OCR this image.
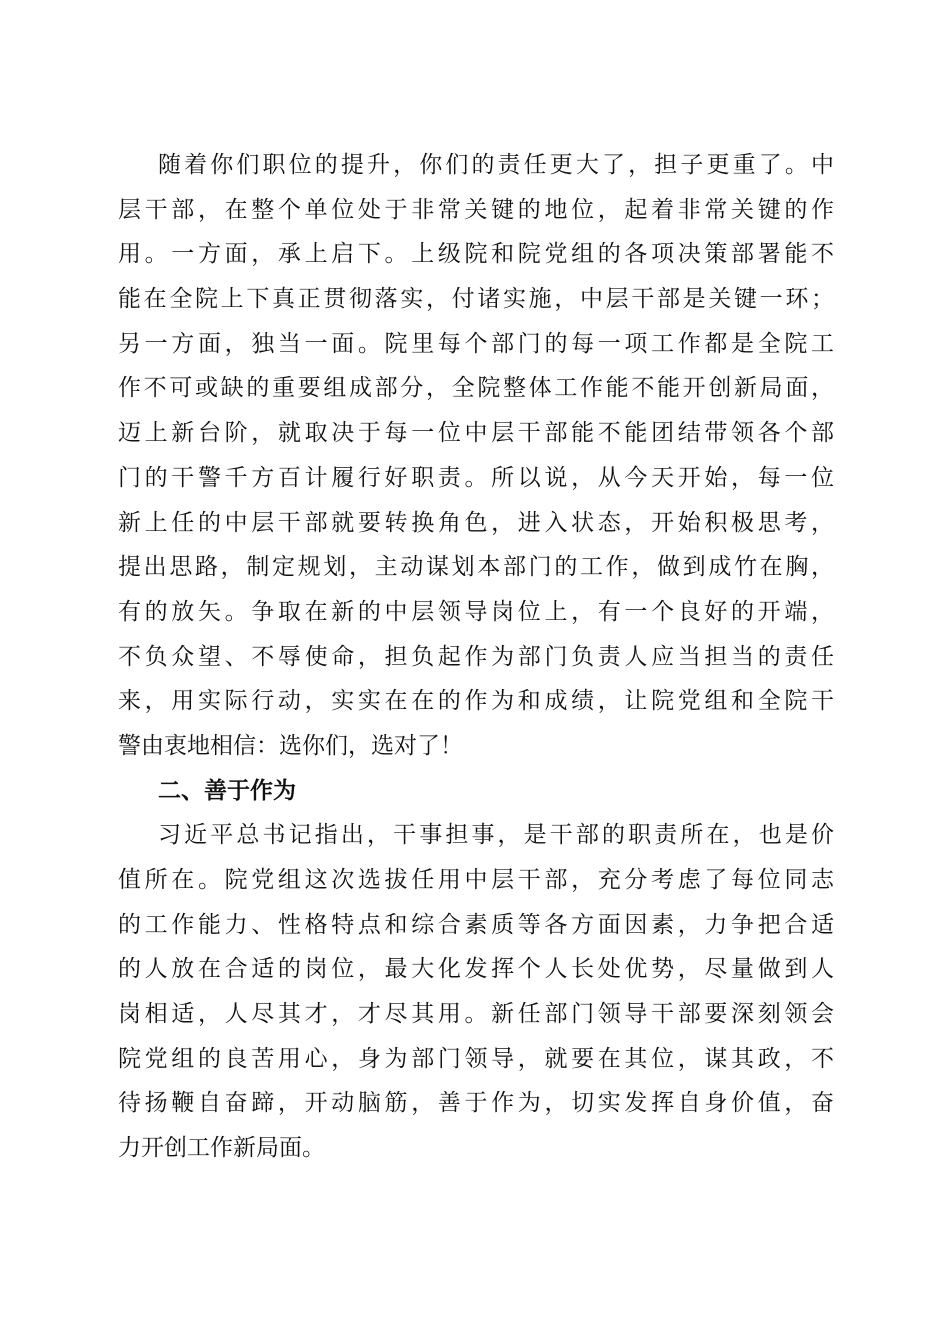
随着你们职位的提升，你们的责任更大了，担子更重了。中
层干部，在整个单位处于非常关键的地位，起着非常关键的作
用。一方面，承上启下。上级院和院党组的各项决策部署能不
能在全院上下真正贯彻落实，付诸实施，中层干部是关键一环；
另一方面，独当一面。院里每个部门的每一项工作都是全院工
作不可或缺的重要组成部分，全院整体工作能不能开创新局面，
迈上新台阶，就取决于每一位中层干部能不能团结带领各个部
门的干警千方百计履行好职责。所以说，从今天开始，每一位
新上任的中层干部就要转换角色，进入状态，开始积极思考，
提出思路，制定规划，主动谋划本部门的工作，做到成竹在胸，
有的放矢。争取在新的中层领导岗位上，有一个良好的开端，
不负众望、不辱使命，担负起作为部门负责人应当担当的责任
来，用实际行动，实实在在的作为和成绩，让院党组和全院干
警由衷地相信：选你们，选对了！
二、善于作为
习近平总书记指出，干事担事，是干部的职责所在，也是价
值所在。院党组这次选拔任用中层干部，充分考虑了每位同志
的工作能力、性格特点和综合素质等各方面因素，力争把合适
的人放在合适的岗位，最大化发挥个人长处优势，尽量做到人
岗相适，人尽其才，才尽其用。新任部门领导干部要深刻领会
院党组的良苦用心，身为部门领导，就要在其位，谋其政，不
待扬鞭自奋蹄，开动脑筋，善于作为，切实发挥自身价值，奋
力开创工作新局面。
